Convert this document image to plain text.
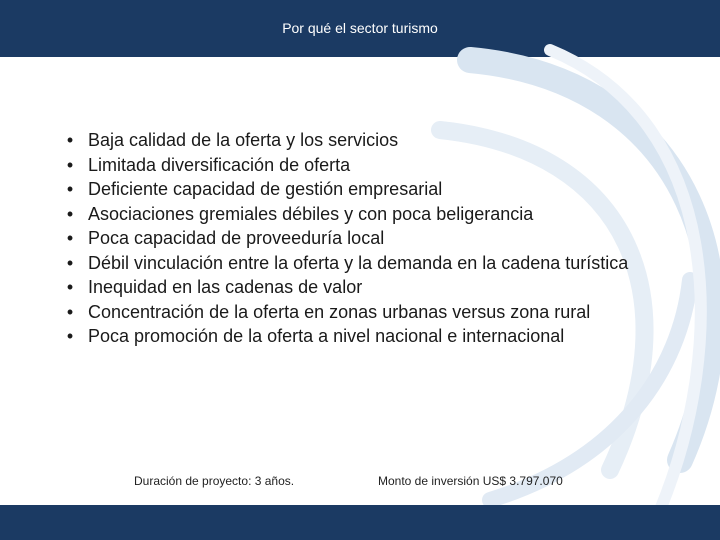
Por qué el sector turismo
• Baja calidad de la oferta y los servicios
• Limitada diversificación de oferta
• Deficiente capacidad de gestión empresarial
• Asociaciones gremiales débiles y con poca beligerancia
• Poca capacidad de proveeduría local
• Débil vinculación entre la oferta y la demanda en la cadena turística
• Inequidad en las cadenas de valor
• Concentración de la oferta en zonas urbanas versus zona rural
• Poca promoción de la oferta a nivel nacional e internacional
Duración de proyecto: 3 años.	Monto de inversión US$ 3.797.070
